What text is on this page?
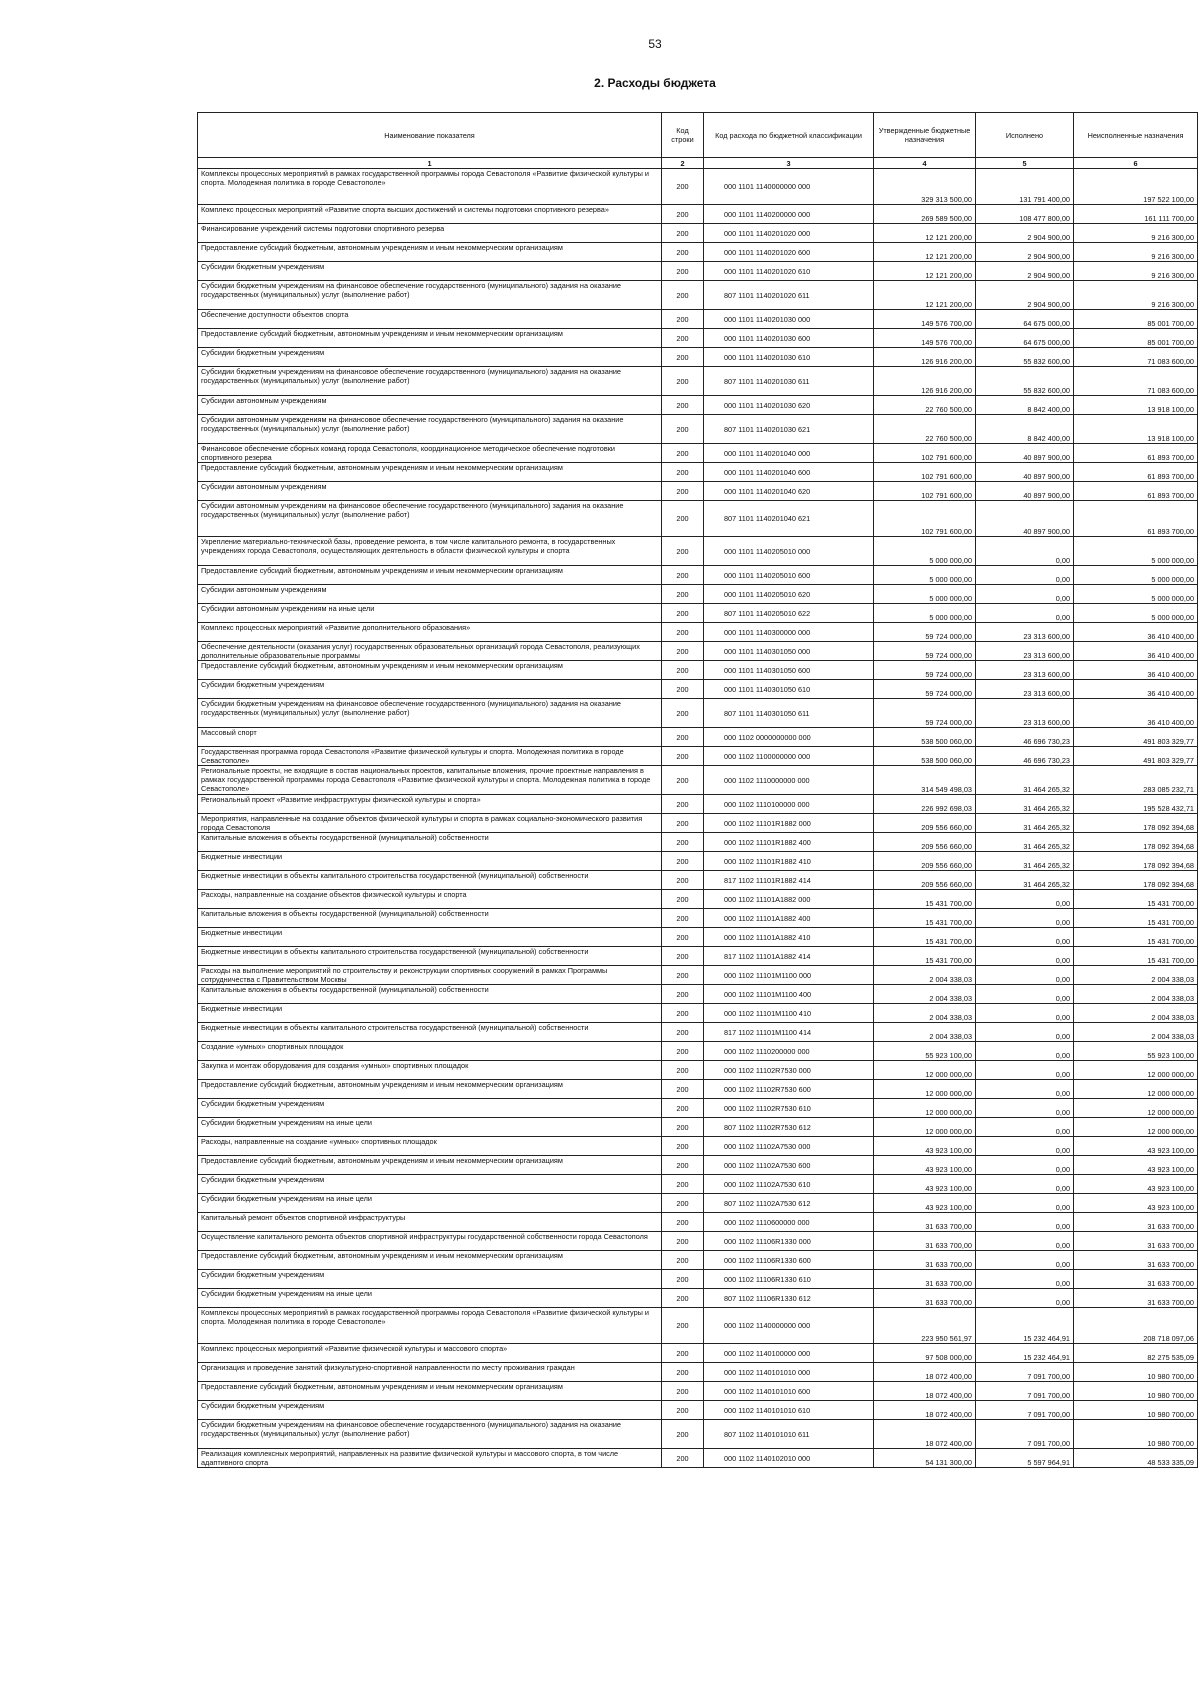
53
2. Расходы бюджета
Наименование показателя	Код строки	Код расхода по бюджетной классификации	Утвержденные бюджетные назначения	Исполнено	Неисполненные назначения
1	2	3	4	5	6
Комплексы процессных мероприятий в рамках государственной программы города Севастополя «Развитие физической культуры и спорта. Молодежная политика в городе Севастополе»	200	000 1101 1140000000 000	329 313 500,00	131 791 400,00	197 522 100,00
Комплекс процессных мероприятий «Развитие спорта высших достижений и системы подготовки спортивного резерва»	200	000 1101 1140200000 000	269 589 500,00	108 477 800,00	161 111 700,00
Финансирование учреждений системы подготовки спортивного резерва	200	000 1101 1140201020 000	12 121 200,00	2 904 900,00	9 216 300,00
Предоставление субсидий бюджетным, автономным учреждениям и иным некоммерческим организациям	200	000 1101 1140201020 600	12 121 200,00	2 904 900,00	9 216 300,00
Субсидии бюджетным учреждениям	200	000 1101 1140201020 610	12 121 200,00	2 904 900,00	9 216 300,00
Субсидии бюджетным учреждениям на финансовое обеспечение государственного (муниципального) задания на оказание государственных (муниципальных) услуг (выполнение работ)	200	807 1101 1140201020 611	12 121 200,00	2 904 900,00	9 216 300,00
Обеспечение доступности объектов спорта	200	000 1101 1140201030 000	149 576 700,00	64 675 000,00	85 001 700,00
Предоставление субсидий бюджетным, автономным учреждениям и иным некоммерческим организациям	200	000 1101 1140201030 600	149 576 700,00	64 675 000,00	85 001 700,00
Субсидии бюджетным учреждениям	200	000 1101 1140201030 610	126 916 200,00	55 832 600,00	71 083 600,00
Субсидии бюджетным учреждениям на финансовое обеспечение государственного (муниципального) задания на оказание государственных (муниципальных) услуг (выполнение работ)	200	807 1101 1140201030 611	126 916 200,00	55 832 600,00	71 083 600,00
Субсидии автономным учреждениям	200	000 1101 1140201030 620	22 760 500,00	8 842 400,00	13 918 100,00
Субсидии автономным учреждениям на финансовое обеспечение государственного (муниципального) задания на оказание государственных (муниципальных) услуг (выполнение работ)	200	807 1101 1140201030 621	22 760 500,00	8 842 400,00	13 918 100,00
Финансовое обеспечение сборных команд города Севастополя, координационное методическое обеспечение подготовки спортивного резерва	200	000 1101 1140201040 000	102 791 600,00	40 897 900,00	61 893 700,00
Предоставление субсидий бюджетным, автономным учреждениям и иным некоммерческим организациям	200	000 1101 1140201040 600	102 791 600,00	40 897 900,00	61 893 700,00
Субсидии автономным учреждениям	200	000 1101 1140201040 620	102 791 600,00	40 897 900,00	61 893 700,00
Субсидии автономным учреждениям на финансовое обеспечение государственного (муниципального) задания на оказание государственных (муниципальных) услуг (выполнение работ)	200	807 1101 1140201040 621	102 791 600,00	40 897 900,00	61 893 700,00
Укрепление материально-технической базы, проведение ремонта, в том числе капитального ремонта, в государственных учреждениях города Севастополя, осуществляющих деятельность в области физической культуры и спорта	200	000 1101 1140205010 000	5 000 000,00	0,00	5 000 000,00
Предоставление субсидий бюджетным, автономным учреждениям и иным некоммерческим организациям	200	000 1101 1140205010 600	5 000 000,00	0,00	5 000 000,00
Субсидии автономным учреждениям	200	000 1101 1140205010 620	5 000 000,00	0,00	5 000 000,00
Субсидии автономным учреждениям на иные цели	200	807 1101 1140205010 622	5 000 000,00	0,00	5 000 000,00
Комплекс процессных мероприятий «Развитие дополнительного образования»	200	000 1101 1140300000 000	59 724 000,00	23 313 600,00	36 410 400,00
Обеспечение деятельности (оказания услуг) государственных образовательных организаций города Севастополя, реализующих дополнительные образовательные программы	200	000 1101 1140301050 000	59 724 000,00	23 313 600,00	36 410 400,00
Предоставление субсидий бюджетным, автономным учреждениям и иным некоммерческим организациям	200	000 1101 1140301050 600	59 724 000,00	23 313 600,00	36 410 400,00
Субсидии бюджетным учреждениям	200	000 1101 1140301050 610	59 724 000,00	23 313 600,00	36 410 400,00
Субсидии бюджетным учреждениям на финансовое обеспечение государственного (муниципального) задания на оказание государственных (муниципальных) услуг (выполнение работ)	200	807 1101 1140301050 611	59 724 000,00	23 313 600,00	36 410 400,00
Массовый спорт	200	000 1102 0000000000 000	538 500 060,00	46 696 730,23	491 803 329,77
Государственная программа города Севастополя «Развитие физической культуры и спорта. Молодежная политика в городе Севастополе»	200	000 1102 1100000000 000	538 500 060,00	46 696 730,23	491 803 329,77
Региональные проекты, не входящие в состав национальных проектов, капитальные вложения, прочие проектные направления в рамках государственной программы города Севастополя «Развитие физической культуры и спорта. Молодежная политика в городе Севастополе»	200	000 1102 1110000000 000	314 549 498,03	31 464 265,32	283 085 232,71
Региональный проект «Развитие инфраструктуры физической культуры и спорта»	200	000 1102 1110100000 000	226 992 698,03	31 464 265,32	195 528 432,71
Мероприятия, направленные на создание объектов физической культуры и спорта в рамках социально-экономического развития города Севастополя	200	000 1102 11101R1882 000	209 556 660,00	31 464 265,32	178 092 394,68
Капитальные вложения в объекты государственной (муниципальной) собственности	200	000 1102 11101R1882 400	209 556 660,00	31 464 265,32	178 092 394,68
Бюджетные инвестиции	200	000 1102 11101R1882 410	209 556 660,00	31 464 265,32	178 092 394,68
Бюджетные инвестиции в объекты капитального строительства государственной (муниципальной) собственности	200	817 1102 11101R1882 414	209 556 660,00	31 464 265,32	178 092 394,68
Расходы, направленные на создание объектов физической культуры и спорта	200	000 1102 11101A1882 000	15 431 700,00	0,00	15 431 700,00
Капитальные вложения в объекты государственной (муниципальной) собственности	200	000 1102 11101A1882 400	15 431 700,00	0,00	15 431 700,00
Бюджетные инвестиции	200	000 1102 11101A1882 410	15 431 700,00	0,00	15 431 700,00
Бюджетные инвестиции в объекты капитального строительства государственной (муниципальной) собственности	200	817 1102 11101A1882 414	15 431 700,00	0,00	15 431 700,00
Расходы на выполнение мероприятий по строительству и реконструкции спортивных сооружений в рамках Программы сотрудничества с Правительством Москвы	200	000 1102 11101M1100 000	2 004 338,03	0,00	2 004 338,03
Капитальные вложения в объекты государственной (муниципальной) собственности	200	000 1102 11101M1100 400	2 004 338,03	0,00	2 004 338,03
Бюджетные инвестиции	200	000 1102 11101M1100 410	2 004 338,03	0,00	2 004 338,03
Бюджетные инвестиции в объекты капитального строительства государственной (муниципальной) собственности	200	817 1102 11101M1100 414	2 004 338,03	0,00	2 004 338,03
Создание «умных» спортивных площадок	200	000 1102 1110200000 000	55 923 100,00	0,00	55 923 100,00
Закупка и монтаж оборудования для создания «умных» спортивных площадок	200	000 1102 11102R7530 000	12 000 000,00	0,00	12 000 000,00
Предоставление субсидий бюджетным, автономным учреждениям и иным некоммерческим организациям	200	000 1102 11102R7530 600	12 000 000,00	0,00	12 000 000,00
Субсидии бюджетным учреждениям	200	000 1102 11102R7530 610	12 000 000,00	0,00	12 000 000,00
Субсидии бюджетным учреждениям на иные цели	200	807 1102 11102R7530 612	12 000 000,00	0,00	12 000 000,00
Расходы, направленные на создание «умных» спортивных площадок	200	000 1102 11102A7530 000	43 923 100,00	0,00	43 923 100,00
Предоставление субсидий бюджетным, автономным учреждениям и иным некоммерческим организациям	200	000 1102 11102A7530 600	43 923 100,00	0,00	43 923 100,00
Субсидии бюджетным учреждениям	200	000 1102 11102A7530 610	43 923 100,00	0,00	43 923 100,00
Субсидии бюджетным учреждениям на иные цели	200	807 1102 11102A7530 612	43 923 100,00	0,00	43 923 100,00
Капитальный ремонт объектов спортивной инфраструктуры	200	000 1102 1110600000 000	31 633 700,00	0,00	31 633 700,00
Осуществление капитального ремонта объектов спортивной инфраструктуры государственной собственности города Севастополя	200	000 1102 11106R1330 000	31 633 700,00	0,00	31 633 700,00
Предоставление субсидий бюджетным, автономным учреждениям и иным некоммерческим организациям	200	000 1102 11106R1330 600	31 633 700,00	0,00	31 633 700,00
Субсидии бюджетным учреждениям	200	000 1102 11106R1330 610	31 633 700,00	0,00	31 633 700,00
Субсидии бюджетным учреждениям на иные цели	200	807 1102 11106R1330 612	31 633 700,00	0,00	31 633 700,00
Комплексы процессных мероприятий в рамках государственной программы города Севастополя «Развитие физической культуры и спорта. Молодежная политика в городе Севастополе»	200	000 1102 1140000000 000	223 950 561,97	15 232 464,91	208 718 097,06
Комплекс процессных мероприятий «Развитие физической культуры и массового спорта»	200	000 1102 1140100000 000	97 508 000,00	15 232 464,91	82 275 535,09
Организация и проведение занятий физкультурно-спортивной направленности по месту проживания граждан	200	000 1102 1140101010 000	18 072 400,00	7 091 700,00	10 980 700,00
Предоставление субсидий бюджетным, автономным учреждениям и иным некоммерческим организациям	200	000 1102 1140101010 600	18 072 400,00	7 091 700,00	10 980 700,00
Субсидии бюджетным учреждениям	200	000 1102 1140101010 610	18 072 400,00	7 091 700,00	10 980 700,00
Субсидии бюджетным учреждениям на финансовое обеспечение государственного (муниципального) задания на оказание государственных (муниципальных) услуг (выполнение работ)	200	807 1102 1140101010 611	18 072 400,00	7 091 700,00	10 980 700,00
Реализация комплексных мероприятий, направленных на развитие физической культуры и массового спорта, в том числе адаптивного спорта	200	000 1102 1140102010 000	54 131 300,00	5 597 964,91	48 533 335,09
